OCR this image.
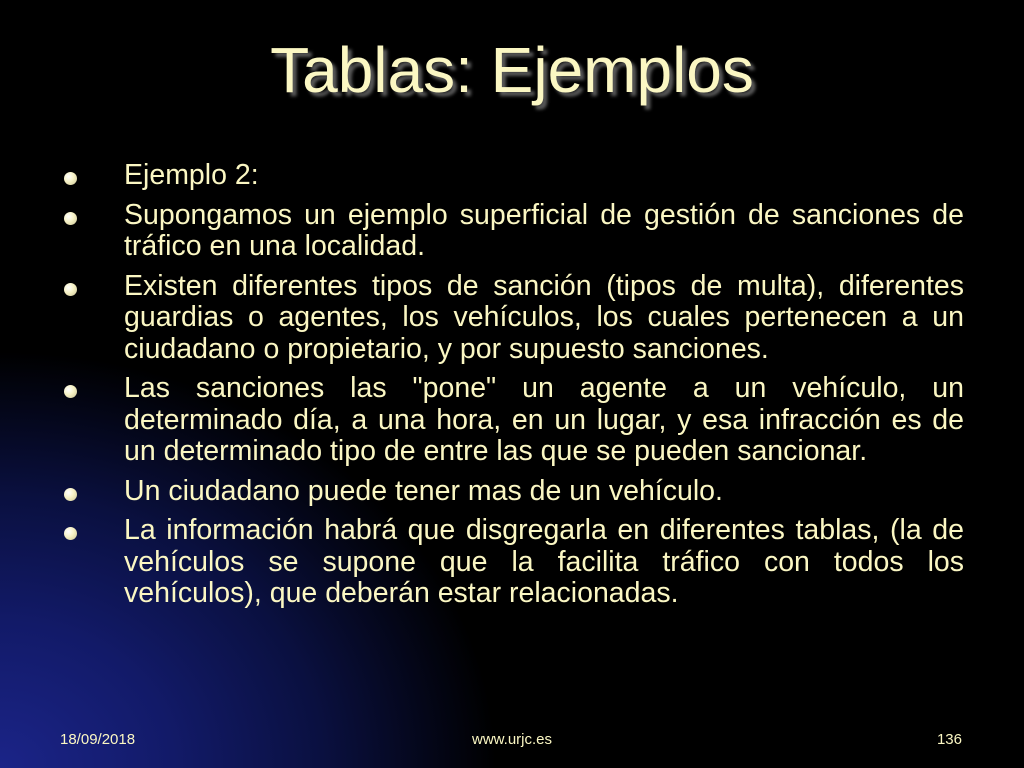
Tablas: Ejemplos
Ejemplo 2:
Supongamos un ejemplo superficial de gestión de sanciones de tráfico en una localidad.
Existen diferentes tipos de sanción (tipos de multa), diferentes guardias o agentes, los vehículos, los cuales pertenecen a un ciudadano o propietario, y por supuesto sanciones.
Las sanciones las "pone" un agente a un vehículo, un determinado día, a una hora, en un lugar, y esa infracción es de un determinado tipo de entre las que se pueden sancionar.
Un ciudadano puede tener mas de un vehículo.
La información habrá que disgregarla en diferentes tablas, (la de vehículos se supone que la facilita tráfico con todos los vehículos), que deberán estar relacionadas.
18/09/2018	www.urjc.es	136
